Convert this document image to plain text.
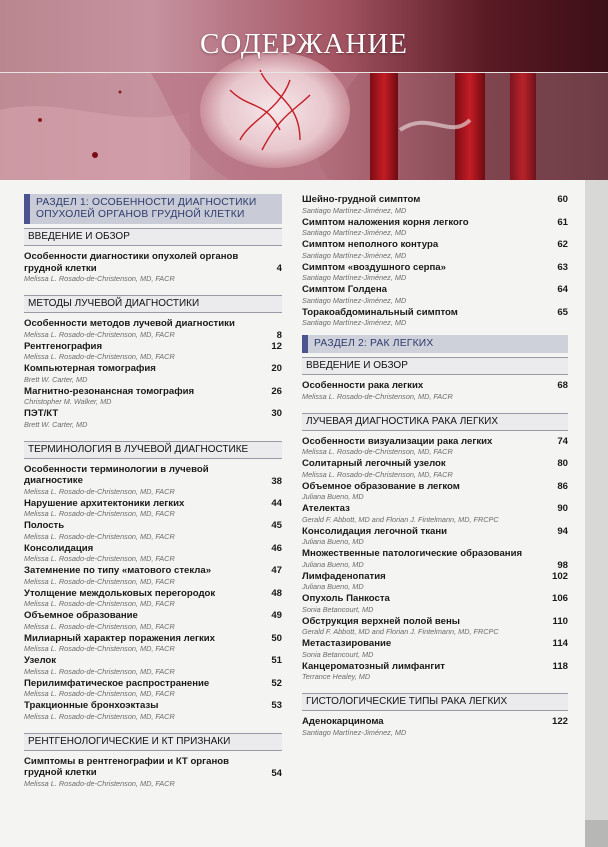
СОДЕРЖАНИЕ
РАЗДЕЛ 1: ОСОБЕННОСТИ ДИАГНОСТИКИ ОПУХОЛЕЙ ОРГАНОВ ГРУДНОЙ КЛЕТКИ
ВВЕДЕНИЕ И ОБЗОР
Особенности диагностики опухолей органов грудной клетки
Melissa L. Rosado-de-Christenson, MD, FACR
4
МЕТОДЫ ЛУЧЕВОЙ ДИАГНОСТИКИ
Особенности методов лучевой диагностики
Melissa L. Rosado-de-Christenson, MD, FACR	8
Рентгенография
Melissa L. Rosado-de-Christenson, MD, FACR
12
Компьютерная томография
Brett W. Carter, MD
20
Магнитно-резонансная томография
Christopher M. Walker, MD
26
ПЭТ/КТ
Brett W. Carter, MD
30
ТЕРМИНОЛОГИЯ В ЛУЧЕВОЙ ДИАГНОСТИКЕ
Особенности терминологии в лучевой диагностике
Melissa L. Rosado-de-Christenson, MD, FACR
38
Нарушение архитектоники легких
Melissa L. Rosado-de-Christenson, MD, FACR
44
Полость
Melissa L. Rosado-de-Christenson, MD, FACR
45
Консолидация
Melissa L. Rosado-de-Christenson, MD, FACR
46
Затемнение по типу «матового стекла»
Melissa L. Rosado-de-Christenson, MD, FACR
47
Утолщение междольковых перегородок
Melissa L. Rosado-de-Christenson, MD, FACR
48
Объемное образование
Melissa L. Rosado-de-Christenson, MD, FACR
49
Милиарный характер поражения легких
Melissa L. Rosado-de-Christenson, MD, FACR
50
Узелок
Melissa L. Rosado-de-Christenson, MD, FACR
51
Перилимфатическое распространение
Melissa L. Rosado-de-Christenson, MD, FACR
52
Тракционные бронхоэктазы
Melissa L. Rosado-de-Christenson, MD, FACR
53
РЕНТГЕНОЛОГИЧЕСКИЕ И КТ ПРИЗНАКИ
Симптомы в рентгенографии и КТ органов грудной клетки
Melissa L. Rosado-de-Christenson, MD, FACR
54
Шейно-грудной симптом
Santiago Martínez-Jiménez, MD
60
Симптом наложения корня легкого
Santiago Martínez-Jiménez, MD
61
Симптом неполного контура
Santiago Martínez-Jiménez, MD
62
Симптом «воздушного серпа»
Santiago Martínez-Jiménez, MD
63
Симптом Голдена
Santiago Martínez-Jiménez, MD
64
Торакоабдоминальный симптом
Santiago Martínez-Jiménez, MD
65
РАЗДЕЛ 2: РАК ЛЕГКИХ
ВВЕДЕНИЕ И ОБЗОР
Особенности рака легких
Melissa L. Rosado-de-Christenson, MD, FACR
68
ЛУЧЕВАЯ ДИАГНОСТИКА РАКА ЛЕГКИХ
Особенности визуализации рака легких
Melissa L. Rosado-de-Christenson, MD, FACR
74
Солитарный легочный узелок
Melissa L. Rosado-de-Christenson, MD, FACR
80
Объемное образование в легком
Juliana Bueno, MD
86
Ателектаз
Gerald F. Abbott, MD and Florian J. Fintelmann, MD, FRCPC
90
Консолидация легочной ткани
Juliana Bueno, MD
94
Множественные патологические образования
Juliana Bueno, MD	98
Лимфаденопатия
Juliana Bueno, MD
102
Опухоль Панкоста
Sonia Betancourt, MD
106
Обструкция верхней полой вены
Gerald F. Abbott, MD and Florian J. Fintelmann, MD, FRCPC
110
Метастазирование
Sonia Betancourt, MD
114
Канцероматозный лимфангит
Terrance Healey, MD
118
ГИСТОЛОГИЧЕСКИЕ ТИПЫ РАКА ЛЕГКИХ
Аденокарцинома
Santiago Martínez-Jiménez, MD
122
